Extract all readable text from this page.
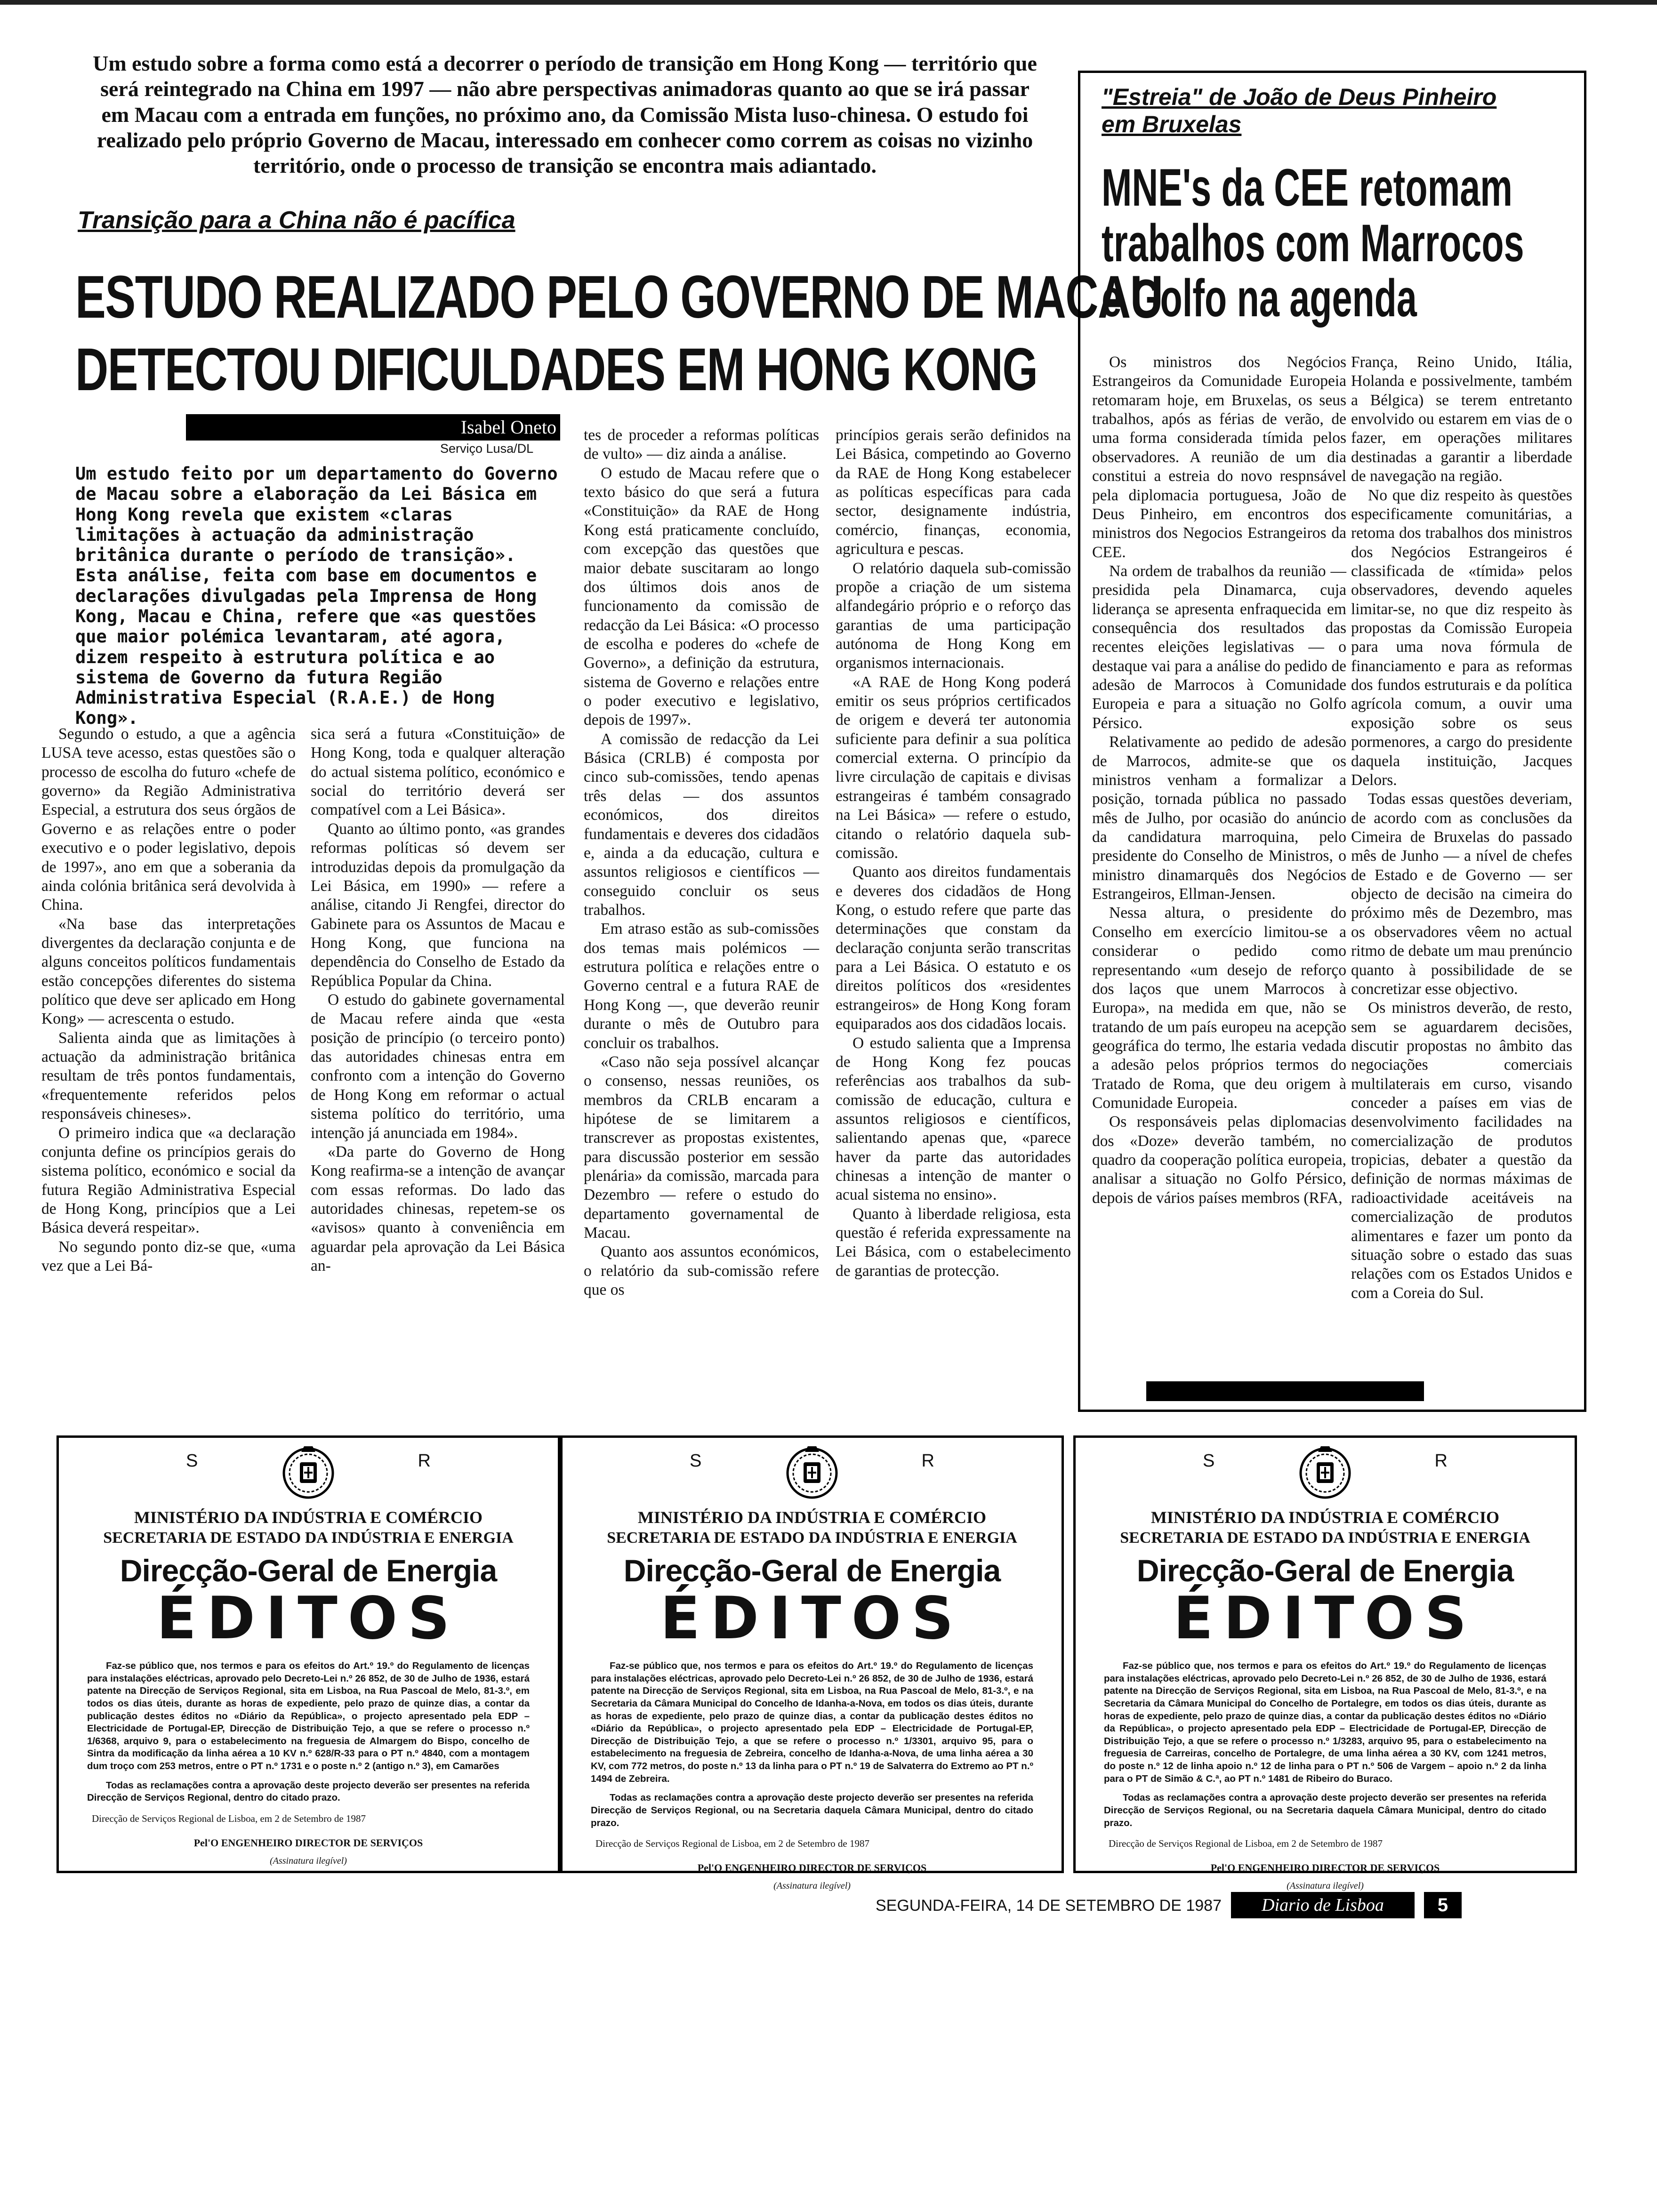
Um estudo sobre a forma como está a decorrer o período de transição em Hong Kong — território que será reintegrado na China em 1997 — não abre perspectivas animadoras quanto ao que se irá passar em Macau com a entrada em funções, no próximo ano, da Comissão Mista luso-chinesa. O estudo foi realizado pelo próprio Governo de Macau, interessado em conhecer como correm as coisas no vizinho território, onde o processo de transição se encontra mais adiantado.
Transição para a China não é pacífica
ESTUDO REALIZADO PELO GOVERNO DE MACAU
DETECTOU DIFICULDADES EM HONG KONG
Isabel Oneto
Serviço Lusa/DL
Um estudo feito por um departamento do Governo de Macau sobre a elaboração da Lei Básica em Hong Kong revela que existem «claras limitações à actuação da administração britânica durante o período de transição». Esta análise, feita com base em documentos e declarações divulgadas pela Imprensa de Hong Kong, Macau e China, refere que «as questões que maior polémica levantaram, até agora, dizem respeito à estrutura política e ao sistema de Governo da futura Região Administrativa Especial (R.A.E.) de Hong Kong».

Segundo o estudo, a que a agência LUSA teve acesso, estas questões são o processo de escolha do futuro «chefe de governo» da Região Administrativa Especial, a estrutura dos seus órgãos de Governo e as relações entre o poder executivo e o poder legislativo, depois de 1997», ano em que a soberania da ainda colónia britânica será devolvida à China.

«Na base das interpretações divergentes da declaração conjunta e de alguns conceitos políticos fundamentais estão concepções diferentes do sistema político que deve ser aplicado em Hong Kong» — acrescenta o estudo.

Salienta ainda que as limitações à actuação da administração britânica resultam de três pontos fundamentais, «frequentemente referidos pelos responsáveis chineses».

O primeiro indica que «a declaração conjunta define os princípios gerais do sistema político, económico e social da futura Região Administrativa Especial de Hong Kong, princípios que a Lei Básica deverá respeitar».

No segundo ponto diz-se que, «uma vez que a Lei Bá-

sica será a futura «Constituição» de Hong Kong, toda e qualquer alteração do actual sistema político, económico e social do território deverá ser compatível com a Lei Básica».

Quanto ao último ponto, «as grandes reformas políticas só devem ser introduzidas depois da promulgação da Lei Básica, em 1990» — refere a análise, citando Ji Rengfei, director do Gabinete para os Assuntos de Macau e Hong Kong, que funciona na dependência do Conselho de Estado da República Popular da China.

O estudo do gabinete governamental de Macau refere ainda que «esta posição de princípio (o terceiro ponto) das autoridades chinesas entra em confronto com a intenção do Governo de Hong Kong em reformar o actual sistema político do território, uma intenção já anunciada em 1984».

«Da parte do Governo de Hong Kong reafirma-se a intenção de avançar com essas reformas. Do lado das autoridades chinesas, repetem-se os «avisos» quanto à conveniência em aguardar pela aprovação da Lei Básica an-

tes de proceder a reformas políticas de vulto» — diz ainda a análise.

O estudo de Macau refere que o texto básico do que será a futura «Constituição» da RAE de Hong Kong está praticamente concluído, com excepção das questões que maior debate suscitaram ao longo dos últimos dois anos de funcionamento da comissão de redacção da Lei Básica: «O processo de escolha e poderes do «chefe de Governo», a definição da estrutura, sistema de Governo e relações entre o poder executivo e legislativo, depois de 1997».

A comissão de redacção da Lei Básica (CRLB) é composta por cinco sub-comissões, tendo apenas três delas — dos assuntos económicos, dos direitos fundamentais e deveres dos cidadãos e, ainda a da educação, cultura e assuntos religiosos e científicos — conseguido concluir os seus trabalhos.

Em atraso estão as sub-comissões dos temas mais polémicos — estrutura política e relações entre o Governo central e a futura RAE de Hong Kong —, que deverão reunir durante o mês de Outubro para concluir os trabalhos.

«Caso não seja possível alcançar o consenso, nessas reuniões, os membros da CRLB encaram a hipótese de se limitarem a transcrever as propostas existentes, para discussão posterior em sessão plenária» da comissão, marcada para Dezembro — refere o estudo do departamento governamental de Macau.

Quanto aos assuntos económicos, o relatório da sub-comissão refere que os

princípios gerais serão definidos na Lei Básica, competindo ao Governo da RAE de Hong Kong estabelecer as políticas específicas para cada sector, designamente indústria, comércio, finanças, economia, agricultura e pescas.

O relatório daquela sub-comissão propõe a criação de um sistema alfandegário próprio e o reforço das garantias de uma participação autónoma de Hong Kong em organismos internacionais.

«A RAE de Hong Kong poderá emitir os seus próprios certificados de origem e deverá ter autonomia suficiente para definir a sua política comercial externa. O princípio da livre circulação de capitais e divisas estrangeiras é também consagrado na Lei Básica» — refere o estudo, citando o relatório daquela sub-comissão.

Quanto aos direitos fundamentais e deveres dos cidadãos de Hong Kong, o estudo refere que parte das determinações que constam da declaração conjunta serão transcritas para a Lei Básica. O estatuto e os direitos políticos dos «residentes estrangeiros» de Hong Kong foram equiparados aos dos cidadãos locais.

O estudo salienta que a Imprensa de Hong Kong fez poucas referências aos trabalhos da sub-comissão de educação, cultura e assuntos religiosos e científicos, salientando apenas que, «parece haver da parte das autoridades chinesas a intenção de manter o acual sistema no ensino».

Quanto à liberdade religiosa, esta questão é referida expressamente na Lei Básica, com o estabelecimento de garantias de protecção.

"Estreia" de João de Deus Pinheiro
em Bruxelas
MNE's da CEE retomam
trabalhos com Marrocos
e Golfo na agenda

Os ministros dos Negócios Estrangeiros da Comunidade Europeia retomaram hoje, em Bruxelas, os seus trabalhos, após as férias de verão, de uma forma considerada tímida pelos observadores. A reunião de um dia constitui a estreia do novo respnsável pela diplomacia portuguesa, João de Deus Pinheiro, em encontros dos ministros dos Negocios Estrangeiros da CEE.

Na ordem de trabalhos da reunião — presidida pela Dinamarca, cuja liderança se apresenta enfraquecida em consequência dos resultados das recentes eleições legislativas — o destaque vai para a análise do pedido de adesão de Marrocos à Comunidade Europeia e para a situação no Golfo Pérsico.

Relativamente ao pedido de adesão de Marrocos, admite-se que os ministros venham a formalizar a posição, tornada pública no passado mês de Julho, por ocasião do anúncio da candidatura marroquina, pelo presidente do Conselho de Ministros, o ministro dinamarquês dos Negócios Estrangeiros, Ellman-Jensen.

Nessa altura, o presidente do Conselho em exercício limitou-se a considerar o pedido como representando «um desejo de reforço dos laços que unem Marrocos à Europa», na medida em que, não se tratando de um país europeu na acepção geográfica do termo, lhe estaria vedada a adesão pelos próprios termos do Tratado de Roma, que deu origem à Comunidade Europeia.

Os responsáveis pelas diplomacias dos «Doze» deverão também, no quadro da cooperação política europeia, analisar a situação no Golfo Pérsico, depois de vários países membros (RFA,

França, Reino Unido, Itália, Holanda e possivelmente, também a Bélgica) se terem entretanto envolvido ou estarem em vias de o fazer, em operações militares destinadas a garantir a liberdade de navegação na região.

No que diz respeito às questões especificamente comunitárias, a retoma dos trabalhos dos ministros dos Negócios Estrangeiros é classificada de «tímida» pelos observadores, devendo aqueles limitar-se, no que diz respeito às propostas da Comissão Europeia para uma nova fórmula de financiamento e para as reformas dos fundos estruturais e da política agrícola comum, a ouvir uma exposição sobre os seus pormenores, a cargo do presidente daquela instituição, Jacques Delors.

Todas essas questões deveriam, de acordo com as conclusões da Cimeira de Bruxelas do passado mês de Junho — a nível de chefes de Estado e de Governo — ser objecto de decisão na cimeira do próximo mês de Dezembro, mas os observadores vêem no actual ritmo de debate um mau prenúncio quanto à possibilidade de se concretizar esse objectivo.

Os ministros deverão, de resto, sem se aguardarem decisões, discutir propostas no âmbito das negociações comerciais multilaterais em curso, visando conceder a países em vias de desenvolvimento facilidades na comercialização de produtos tropicias, debater a questão da definição de normas máximas de radioactividade aceitáveis na comercialização de produtos alimentares e fazer um ponto da situação sobre o estado das suas relações com os Estados Unidos e com a Coreia do Sul.

S	R
MINISTÉRIO DA INDÚSTRIA E COMÉRCIO
SECRETARIA DE ESTADO DA INDÚSTRIA E ENERGIA
Direcção-Geral de Energia
ÉDITOS

Faz-se público que, nos termos e para os efeitos do Art.º 19.º do Regulamento de licenças para instalações eléctricas, aprovado pelo Decreto-Lei n.º 26 852, de 30 de Julho de 1936, estará patente na Direcção de Serviços Regional, sita em Lisboa, na Rua Pascoal de Melo, 81-3.º, em todos os dias úteis, durante as horas de expediente, pelo prazo de quinze dias, a contar da publicação destes éditos no «Diário da República», o projecto apresentado pela EDP – Electricidade de Portugal-EP, Direcção de Distribuição Tejo, a que se refere o processo n.º 1/6368, arquivo 9, para o estabelecimento na freguesia de Almargem do Bispo, concelho de Sintra da modificação da linha aérea a 10 KV n.º 628/R-33 para o PT n.º 4840, com a montagem dum troço com 253 metros, entre o PT n.º 1731 e o poste n.º 2 (antigo n.º 3), em Camarões

Todas as reclamações contra a aprovação deste projecto deverão ser presentes na referida Direcção de Serviços Regional, dentro do citado prazo.

Direcção de Serviços Regional de Lisboa, em 2 de Setembro de 1987
Pel'O ENGENHEIRO DIRECTOR DE SERVIÇOS
(Assinatura ilegível)
S	R
MINISTÉRIO DA INDÚSTRIA E COMÉRCIO
SECRETARIA DE ESTADO DA INDÚSTRIA E ENERGIA
Direcção-Geral de Energia
ÉDITOS

Faz-se público que, nos termos e para os efeitos do Art.º 19.º do Regulamento de licenças para instalações eléctricas, aprovado pelo Decreto-Lei n.º 26 852, de 30 de Julho de 1936, estará patente na Direcção de Serviços Regional, sita em Lisboa, na Rua Pascoal de Melo, 81-3.º, e na Secretaria da Câmara Municipal do Concelho de Idanha-a-Nova, em todos os dias úteis, durante as horas de expediente, pelo prazo de quinze dias, a contar da publicação destes éditos no «Diário da República», o projecto apresentado pela EDP – Electricidade de Portugal-EP, Direcção de Distribuição Tejo, a que se refere o processo n.º 1/3301, arquivo 95, para o estabelecimento na freguesia de Zebreira, concelho de Idanha-a-Nova, de uma linha aérea a 30 KV, com 772 metros, do poste n.º 13 da linha para o PT n.º 19 de Salvaterra do Extremo ao PT n.º 1494 de Zebreira.

Todas as reclamações contra a aprovação deste projecto deverão ser presentes na referida Direcção de Serviços Regional, ou na Secretaria daquela Câmara Municipal, dentro do citado prazo.

Direcção de Serviços Regional de Lisboa, em 2 de Setembro de 1987
Pel'O ENGENHEIRO DIRECTOR DE SERVIÇOS
(Assinatura ilegível)
S	R
MINISTÉRIO DA INDÚSTRIA E COMÉRCIO
SECRETARIA DE ESTADO DA INDÚSTRIA E ENERGIA
Direcção-Geral de Energia
ÉDITOS

Faz-se público que, nos termos e para os efeitos do Art.º 19.º do Regulamento de licenças para instalações eléctricas, aprovado pelo Decreto-Lei n.º 26 852, de 30 de Julho de 1936, estará patente na Direcção de Serviços Regional, sita em Lisboa, na Rua Pascoal de Melo, 81-3.º, e na Secretaria da Câmara Municipal do Concelho de Portalegre, em todos os dias úteis, durante as horas de expediente, pelo prazo de quinze dias, a contar da publicação destes éditos no «Diário da República», o projecto apresentado pela EDP – Electricidade de Portugal-EP, Direcção de Distribuição Tejo, a que se refere o processo n.º 1/3283, arquivo 95, para o estabelecimento na freguesia de Carreiras, concelho de Portalegre, de uma linha aérea a 30 KV, com 1241 metros, do poste n.º 12 de linha apoio n.º 12 de linha para o PT n.º 506 de Vargem – apoio n.º 2 da linha para o PT de Simão & C.ª, ao PT n.º 1481 de Ribeiro do Buraco.

Todas as reclamações contra a aprovação deste projecto deverão ser presentes na referida Direcção de Serviços Regional, ou na Secretaria daquela Câmara Municipal, dentro do citado prazo.

Direcção de Serviços Regional de Lisboa, em 2 de Setembro de 1987
Pel'O ENGENHEIRO DIRECTOR DE SERVIÇOS
(Assinatura ilegível)
SEGUNDA-FEIRA, 14 DE SETEMBRO DE 1987	Diario de Lisboa	5
